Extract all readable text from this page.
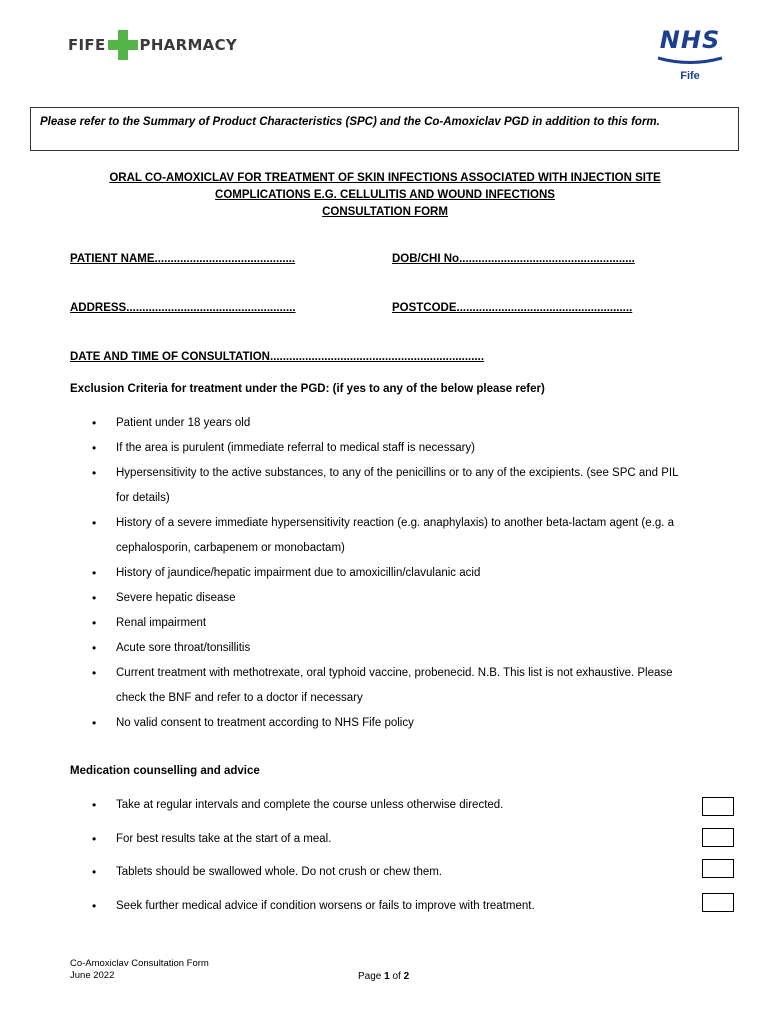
FIFE PHARMACY	NHS
Fife
Please refer to the Summary of Product Characteristics (SPC) and the Co-Amoxiclav PGD in addition to this form.
ORAL CO-AMOXICLAV FOR TREATMENT OF SKIN INFECTIONS ASSOCIATED WITH INJECTION SITE
COMPLICATIONS E.G. CELLULITIS AND WOUND INFECTIONS
CONSULTATION FORM
PATIENT NAME............................................	DOB/CHI No.......................................................
ADDRESS.....................................................	POSTCODE.......................................................
DATE AND TIME OF CONSULTATION...................................................................
Exclusion Criteria for treatment under the PGD: (if yes to any of the below please refer)
• Patient under 18 years old
• If the area is purulent (immediate referral to medical staff is necessary)
• Hypersensitivity to the active substances, to any of the penicillins or to any of the excipients. (see SPC and PIL for details)
• History of a severe immediate hypersensitivity reaction (e.g. anaphylaxis) to another beta-lactam agent (e.g. a cephalosporin, carbapenem or monobactam)
• History of jaundice/hepatic impairment due to amoxicillin/clavulanic acid
• Severe hepatic disease
• Renal impairment
• Acute sore throat/tonsillitis
• Current treatment with methotrexate, oral typhoid vaccine, probenecid. N.B. This list is not exhaustive. Please check the BNF and refer to a doctor if necessary
• No valid consent to treatment according to NHS Fife policy
Medication counselling and advice
• Take at regular intervals and complete the course unless otherwise directed.
• For best results take at the start of a meal.
• Tablets should be swallowed whole. Do not crush or chew them.
• Seek further medical advice if condition worsens or fails to improve with treatment.
Co-Amoxiclav Consultation Form
June 2022	Page 1 of 2
